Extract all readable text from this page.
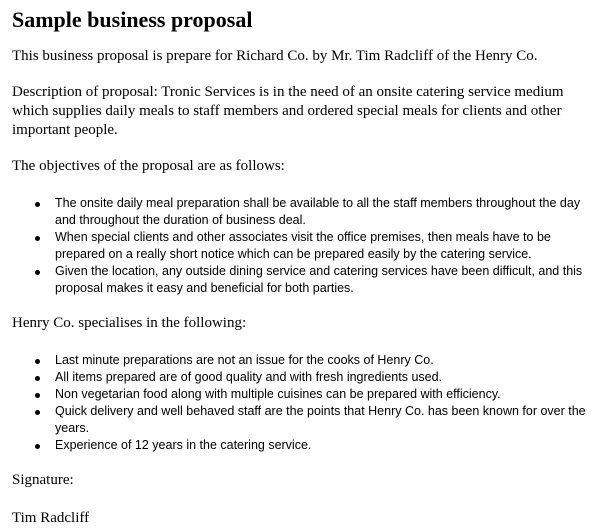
Sample business proposal

This business proposal is prepare for Richard Co. by Mr. Tim Radcliff of the Henry Co.

Description of proposal: Tronic Services is in the need of an onsite catering service medium which supplies daily meals to staff members and ordered special meals for clients and other important people.

The objectives of the proposal are as follows:

The onsite daily meal preparation shall be available to all the staff members throughout the day and throughout the duration of business deal.
When special clients and other associates visit the office premises, then meals have to be prepared on a really short notice which can be prepared easily by the catering service.
Given the location, any outside dining service and catering services have been difficult, and this proposal makes it easy and beneficial for both parties.

Henry Co. specialises in the following:

Last minute preparations are not an issue for the cooks of Henry Co.
All items prepared are of good quality and with fresh ingredients used.
Non vegetarian food along with multiple cuisines can be prepared with efficiency.
Quick delivery and well behaved staff are the points that Henry Co. has been known for over the years.
Experience of 12 years in the catering service.

Signature:

Tim Radcliff
